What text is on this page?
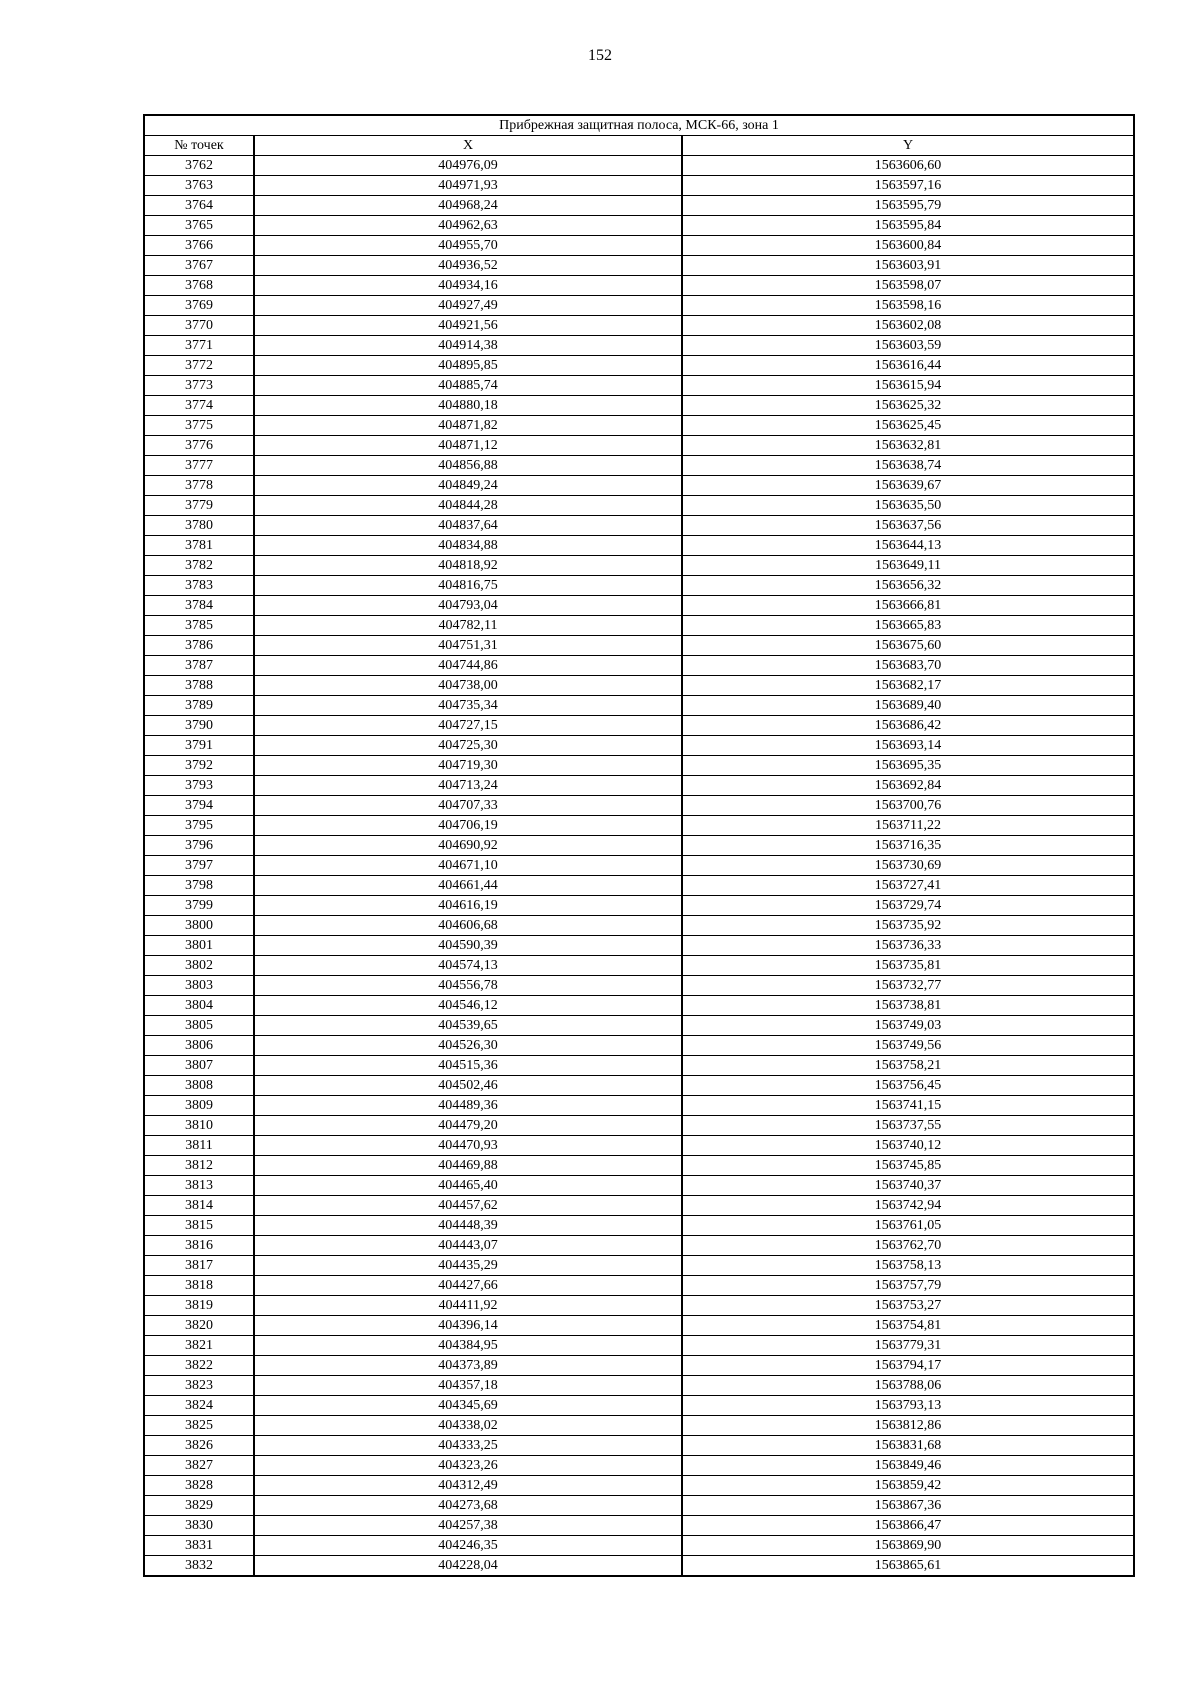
152
Прибрежная защитная полоса, МСК-66, зона 1		
№ точек	X	Y
3762	404976,09	1563606,60
3763	404971,93	1563597,16
3764	404968,24	1563595,79
3765	404962,63	1563595,84
3766	404955,70	1563600,84
3767	404936,52	1563603,91
3768	404934,16	1563598,07
3769	404927,49	1563598,16
3770	404921,56	1563602,08
3771	404914,38	1563603,59
3772	404895,85	1563616,44
3773	404885,74	1563615,94
3774	404880,18	1563625,32
3775	404871,82	1563625,45
3776	404871,12	1563632,81
3777	404856,88	1563638,74
3778	404849,24	1563639,67
3779	404844,28	1563635,50
3780	404837,64	1563637,56
3781	404834,88	1563644,13
3782	404818,92	1563649,11
3783	404816,75	1563656,32
3784	404793,04	1563666,81
3785	404782,11	1563665,83
3786	404751,31	1563675,60
3787	404744,86	1563683,70
3788	404738,00	1563682,17
3789	404735,34	1563689,40
3790	404727,15	1563686,42
3791	404725,30	1563693,14
3792	404719,30	1563695,35
3793	404713,24	1563692,84
3794	404707,33	1563700,76
3795	404706,19	1563711,22
3796	404690,92	1563716,35
3797	404671,10	1563730,69
3798	404661,44	1563727,41
3799	404616,19	1563729,74
3800	404606,68	1563735,92
3801	404590,39	1563736,33
3802	404574,13	1563735,81
3803	404556,78	1563732,77
3804	404546,12	1563738,81
3805	404539,65	1563749,03
3806	404526,30	1563749,56
3807	404515,36	1563758,21
3808	404502,46	1563756,45
3809	404489,36	1563741,15
3810	404479,20	1563737,55
3811	404470,93	1563740,12
3812	404469,88	1563745,85
3813	404465,40	1563740,37
3814	404457,62	1563742,94
3815	404448,39	1563761,05
3816	404443,07	1563762,70
3817	404435,29	1563758,13
3818	404427,66	1563757,79
3819	404411,92	1563753,27
3820	404396,14	1563754,81
3821	404384,95	1563779,31
3822	404373,89	1563794,17
3823	404357,18	1563788,06
3824	404345,69	1563793,13
3825	404338,02	1563812,86
3826	404333,25	1563831,68
3827	404323,26	1563849,46
3828	404312,49	1563859,42
3829	404273,68	1563867,36
3830	404257,38	1563866,47
3831	404246,35	1563869,90
3832	404228,04	1563865,61
